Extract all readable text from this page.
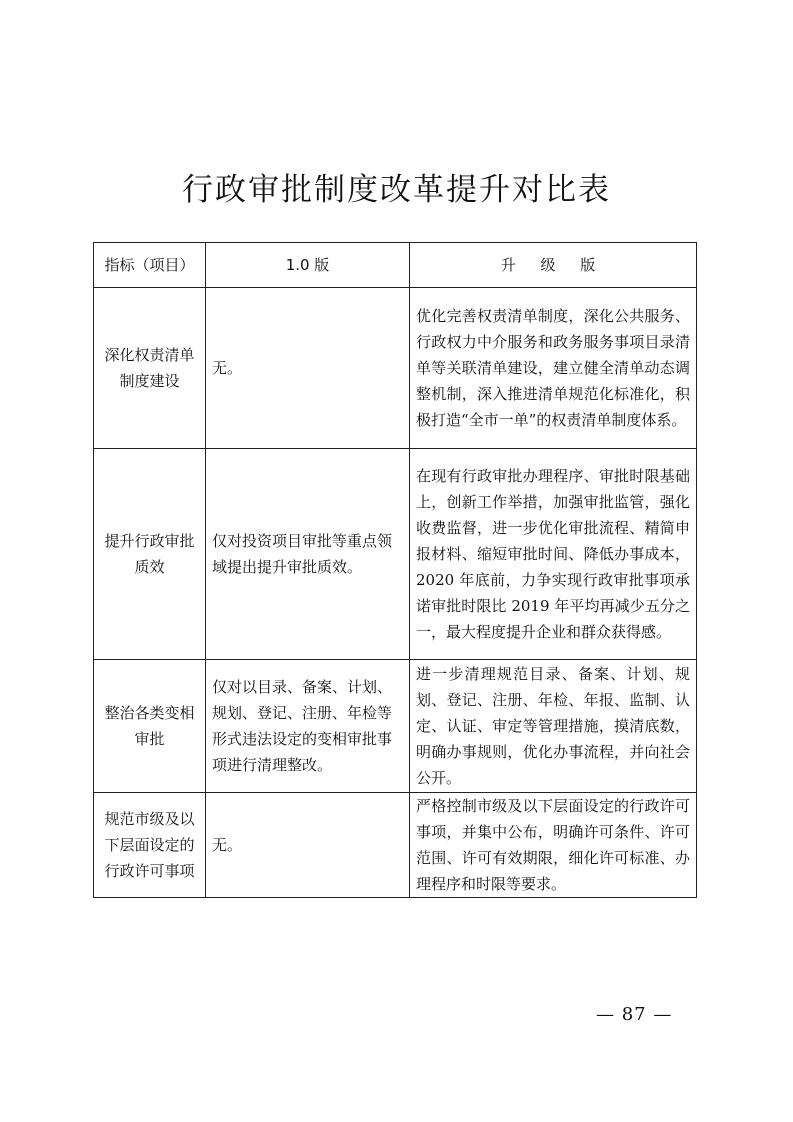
行政审批制度改革提升对比表
指标（项目）	1.0 版	升 级 版
深化权责清单制度建设	无。	优化完善权责清单制度，深化公共服务、行政权力中介服务和政务服务事项目录清单等关联清单建设，建立健全清单动态调整机制，深入推进清单规范化标准化，积极打造“全市一单”的权责清单制度体系。
提升行政审批质效	仅对投资项目审批等重点领域提出提升审批质效。	在现有行政审批办理程序、审批时限基础上，创新工作举措，加强审批监管，强化收费监督，进一步优化审批流程、精简申报材料、缩短审批时间、降低办事成本，2020 年底前，力争实现行政审批事项承诺审批时限比 2019 年平均再减少五分之一，最大程度提升企业和群众获得感。
整治各类变相审批	仅对以目录、备案、计划、规划、登记、注册、年检等形式违法设定的变相审批事项进行清理整改。	进一步清理规范目录、备案、计划、规划、登记、注册、年检、年报、监制、认定、认证、审定等管理措施，摸清底数，明确办事规则，优化办事流程，并向社会公开。
规范市级及以下层面设定的行政许可事项	无。	严格控制市级及以下层面设定的行政许可事项，并集中公布，明确许可条件、许可范围、许可有效期限，细化许可标准、办理程序和时限等要求。
— 87 —
